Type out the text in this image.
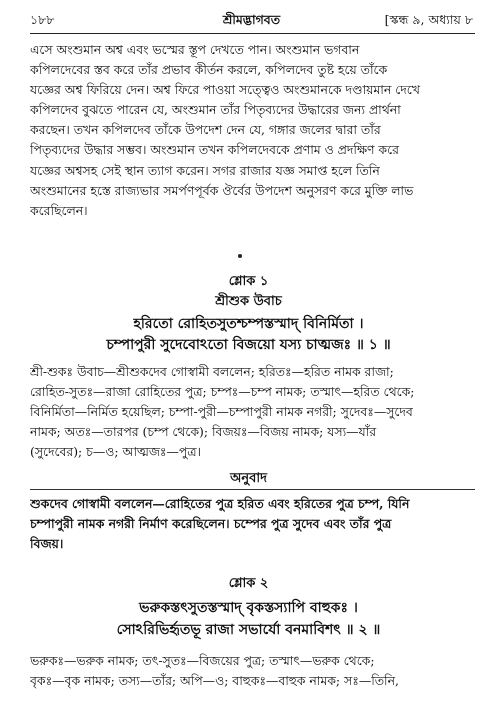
১৮৮	শ্রীমদ্ভাগবত	[স্কন্ধ ৯, অধ্যায় ৮
এসে অংশুমান অশ্ব এবং ভস্মের স্তূপ দেখতে পান। অংশুমান ভগবান
কপিলদেবের স্তব করে তাঁর প্রভাব কীর্তন করলে, কপিলদেব তুষ্ট হয়ে তাঁকে
যজ্ঞের অশ্ব ফিরিয়ে দেন। অশ্ব ফিরে পাওয়া সত্ত্বেও অংশুমানকে দণ্ডায়মান দেখে
কপিলদেব বুঝতে পারেন যে, অংশুমান তাঁর পিতৃব্যদের উদ্ধারের জন্য প্রার্থনা
করছেন। তখন কপিলদেব তাঁকে উপদেশ দেন যে, গঙ্গার জলের দ্বারা তাঁর
পিতৃব্যদের উদ্ধার সম্ভব। অংশুমান তখন কপিলদেবকে প্রণাম ও প্রদক্ষিণ করে
যজ্ঞের অশ্বসহ সেই স্থান ত্যাগ করেন। সগর রাজার যজ্ঞ সমাপ্ত হলে তিনি
অংশুমানের হস্তে রাজ্যভার সমর্পণপূর্বক ঔর্বের উপদেশ অনুসরণ করে মুক্তি লাভ
করেছিলেন।
শ্লোক ১
শ্রীশুক উবাচ
হরিতো রোহিতসুতশ্চম্পস্তস্মাদ্ বিনির্মিতা ।
চম্পাপুরী সুদেবোঽতো বিজয়ো যস্য চাত্মজঃ ॥ ১ ॥
শ্রী-শুকঃ উবাচ—শ্রীশুকদেব গোস্বামী বললেন; হরিতঃ—হরিত নামক রাজা;
রোহিত-সুতঃ—রাজা রোহিতের পুত্র; চম্পঃ—চম্প নামক; তস্মাৎ—হরিত থেকে;
বিনির্মিতা—নির্মিত হয়েছিল; চম্পা-পুরী—চম্পাপুরী নামক নগরী; সুদেবঃ—সুদেব
নামক; অতঃ—তারপর (চম্প থেকে); বিজয়ঃ—বিজয় নামক; যস্য—যাঁর
(সুদেবের); চ—ও; আত্মজঃ—পুত্র।
অনুবাদ
শুকদেব গোস্বামী বললেন—রোহিতের পুত্র হরিত এবং হরিতের পুত্র চম্প, যিনি
চম্পাপুরী নামক নগরী নির্মাণ করেছিলেন। চম্পের পুত্র সুদেব এবং তাঁর পুত্র
বিজয়।
শ্লোক ২
ভরুকস্তৎসুতস্তস্মাদ্ বৃকস্তস্যাপি বাহুকঃ ।
সোঽরিভির্হৃতভূ রাজা সভার্যো বনমাবিশৎ ॥ ২ ॥
ভরুকঃ—ভরুক নামক; তৎ-সুতঃ—বিজয়ের পুত্র; তস্মাৎ—ভরুক থেকে;
বৃকঃ—বৃক নামক; তস্য—তাঁর; অপি—ও; বাহুকঃ—বাহুক নামক; সঃ—তিনি,
